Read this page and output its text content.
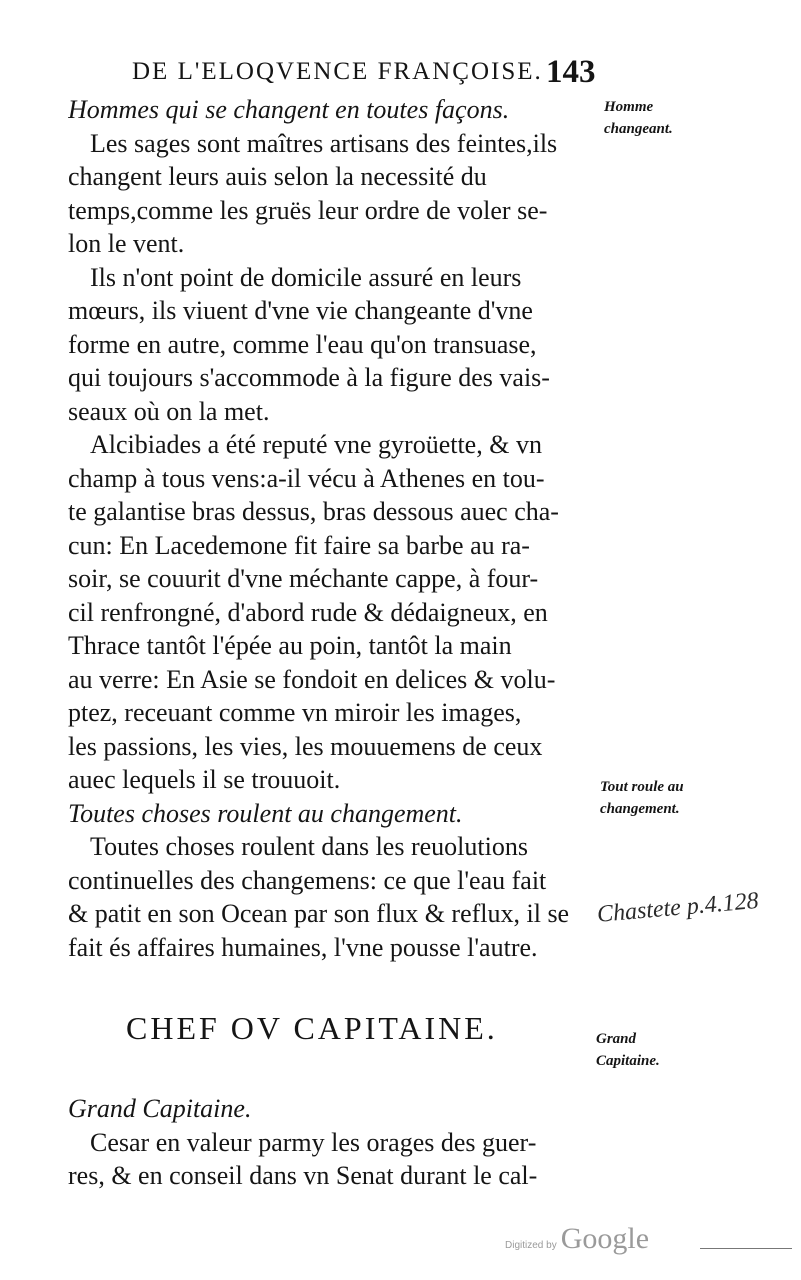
DE L'ELOQVENCE FRANÇOISE. 143
Hommes qui se changent en toutes façons.
Les sages sont maîtres artisans des feintes,ils
changent leurs auis selon la necessité du
temps,comme les gruës leur ordre de voler se-
lon le vent.
Ils n'ont point de domicile assuré en leurs
mœurs, ils viuent d'vne vie changeante d'vne
forme en autre, comme l'eau qu'on transuase,
qui toujours s'accommode à la figure des vais-
seaux où on la met.
Alcibiades a été reputé vne gyroüette, & vn
champ à tous vens:a-il vécu à Athenes en tou-
te galantise bras dessus, bras dessous auec cha-
cun: En Lacedemone fit faire sa barbe au ra-
soir, se couurit d'vne méchante cappe, à four-
cil renfrongné, d'abord rude & dédaigneux, en
Thrace tantôt l'épée au poin, tantôt la main
au verre: En Asie se fondoit en delices & volu-
ptez, receuant comme vn miroir les images,
les passions, les vies, les mouuemens de ceux
auec lequels il se trouuoit.
Toutes choses roulent au changement.
Toutes choses roulent dans les reuolutions
continuelles des changemens: ce que l'eau fait
& patit en son Ocean par son flux & reflux, il se
fait és affaires humaines, l'vne pousse l'autre.
CHEF OV CAPITAINE.
Grand Capitaine.
Cesar en valeur parmy les orages des guer-
res, & en conseil dans vn Senat durant le cal-
Homme changeant.
Tout roule au changement.
Grand Capitaine.
Chastete p.4.128
Digitized by Google
